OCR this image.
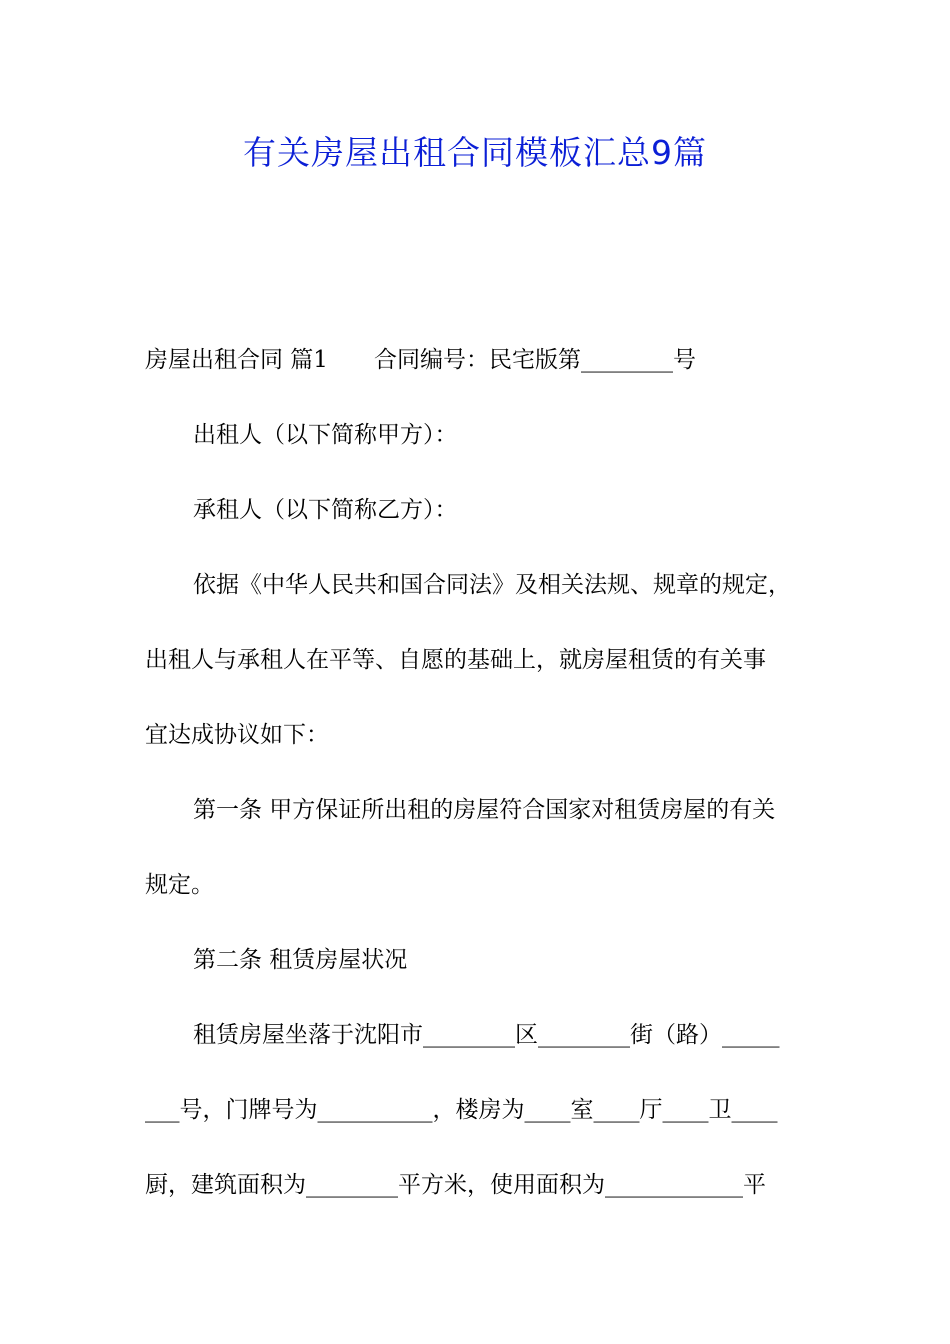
有关房屋出租合同模板汇总9篇
房屋出租合同 篇1 合同编号：民宅版第________号
出租人（以下简称甲方）：
承租人（以下简称乙方）：
依据《中华人民共和国合同法》及相关法规、规章的规定，
出租人与承租人在平等、自愿的基础上，就房屋租赁的有关事
宜达成协议如下：
第一条 甲方保证所出租的房屋符合国家对租赁房屋的有关
规定。
第二条 租赁房屋状况
租赁房屋坐落于沈阳市________区________街（路）_____
___号，门牌号为__________，楼房为____室____厅____卫____
厨，建筑面积为________平方米，使用面积为____________平
